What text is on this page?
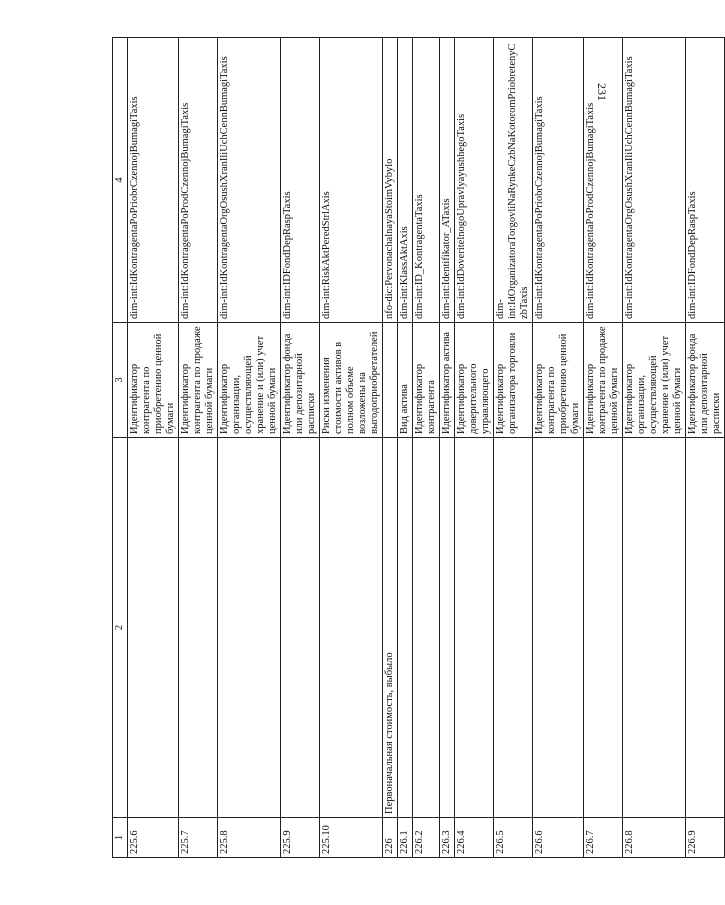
231
1	2	3	4
225.6		Идентификатор контрагента по приобретению ценной бумаги	dim-int:IdKontragentaPoPriobrCzennojBumagiTaxis
225.7		Идентификатор контрагента по продаже ценной бумаги	dim-int:IdKontragentaPoProdCzennojBumagiTaxis
225.8		Идентификатор организации, осуществляющей хранение и (или) учет ценной бумаги	dim-int:IdKontragentaOrgOsushXranIliUchCennBumagiTaxis
225.9		Идентификатор фонда или депозитарной расписки	dim-int:IDFondDepRaspTaxis
225.10		Риски изменения стоимости активов в полном объеме возложены на выгодоприобретателей	dim-int:RiskAktPeredStrlAxis
226	Первоначальная стоимость, выбыло		nfo-dic:PervonachalnayaStoimVybylo
226.1		Вид актива	dim-int:KlassAktAxis
226.2		Идентификатор контрагента	dim-int:ID_KontragentaTaxis
226.3		Идентификатор актива	dim-int:Identifikator_ATaxis
226.4		Идентификатор доверительного управляющего	dim-int:IdDoveritelnogoUpravlyayushhegoTaxis
226.5		Идентификатор организатора торговли	dim-int:IdOrganizatoraTorgovliNaRynkeCzbNaKotoromPriobretenyCzbTaxis
226.6		Идентификатор контрагента по приобретению ценной бумаги	dim-int:IdKontragentaPoPriobrCzennojBumagiTaxis
226.7		Идентификатор контрагента по продаже ценной бумаги	dim-int:IdKontragentaPoProdCzennojBumagiTaxis
226.8		Идентификатор организации, осуществляющей хранение и (или) учет ценной бумаги	dim-int:IdKontragentaOrgOsushXranIliUchCennBumagiTaxis
226.9		Идентификатор фонда или депозитарной расписки	dim-int:IDFondDepRaspTaxis
